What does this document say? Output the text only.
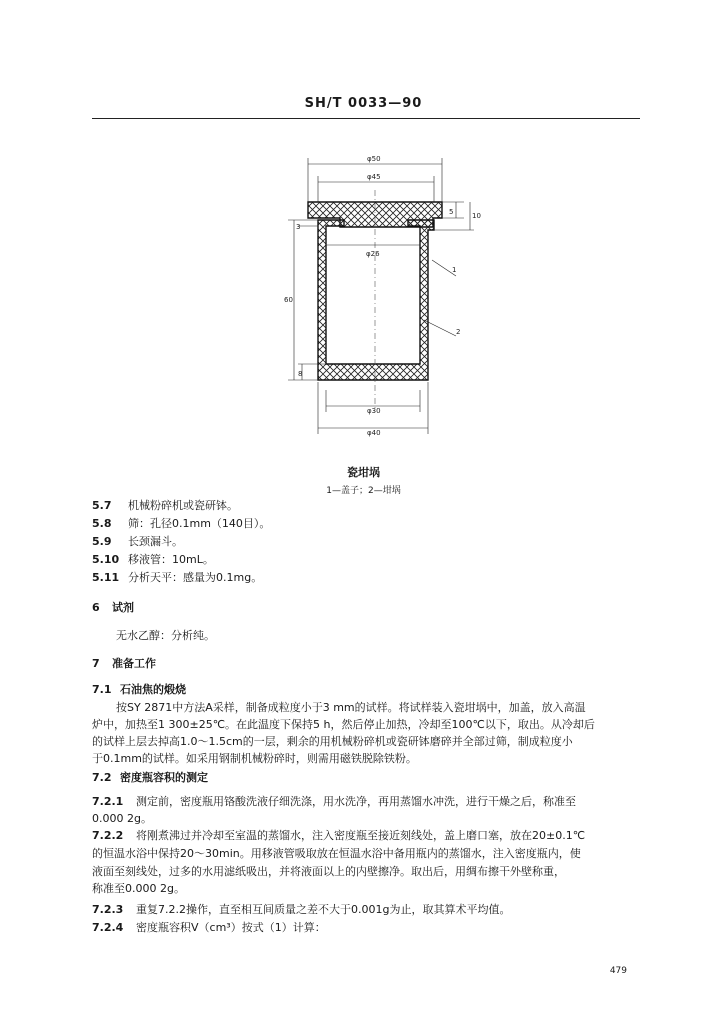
SH/T 0033—90
φ50
φ45
φ26
φ30
φ40
60
8
3
5	10
1
2
瓷坩埚
1—盖子；2—坩埚
5.7 机械粉碎机或瓷研钵。
5.8 筛：孔径0.1mm（140目）。
5.9 长颈漏斗。
5.10 移液管：10mL。
5.11 分析天平：感量为0.1mg。
6 试剂
无水乙醇：分析纯。
7 准备工作
7.1 石油焦的煅烧
按SY 2871中方法A采样，制备成粒度小于3 mm的试样。将试样装入瓷坩埚中，加盖，放入高温
炉中，加热至1 300±25℃。在此温度下保持5 h，然后停止加热，冷却至100℃以下，取出。从冷却后
的试样上层去掉高1.0～1.5cm的一层，剩余的用机械粉碎机或瓷研钵磨碎并全部过筛，制成粒度小
于0.1mm的试样。如采用钢制机械粉碎时，则需用磁铁脱除铁粉。
7.2 密度瓶容积的测定
7.2.1 测定前，密度瓶用铬酸洗液仔细洗涤，用水洗净，再用蒸馏水冲洗，进行干燥之后，称准至
0.000 2g。
7.2.2 将刚煮沸过并冷却至室温的蒸馏水，注入密度瓶至接近刻线处，盖上磨口塞，放在20±0.1℃
的恒温水浴中保持20～30min。用移液管吸取放在恒温水浴中备用瓶内的蒸馏水，注入密度瓶内，使
液面至刻线处，过多的水用滤纸吸出，并将液面以上的内壁擦净。取出后，用绸布擦干外壁称重，
称准至0.000 2g。
7.2.3 重复7.2.2操作，直至相互间质量之差不大于0.001g为止，取其算术平均值。
7.2.4 密度瓶容积V（cm³）按式（1）计算：
479
